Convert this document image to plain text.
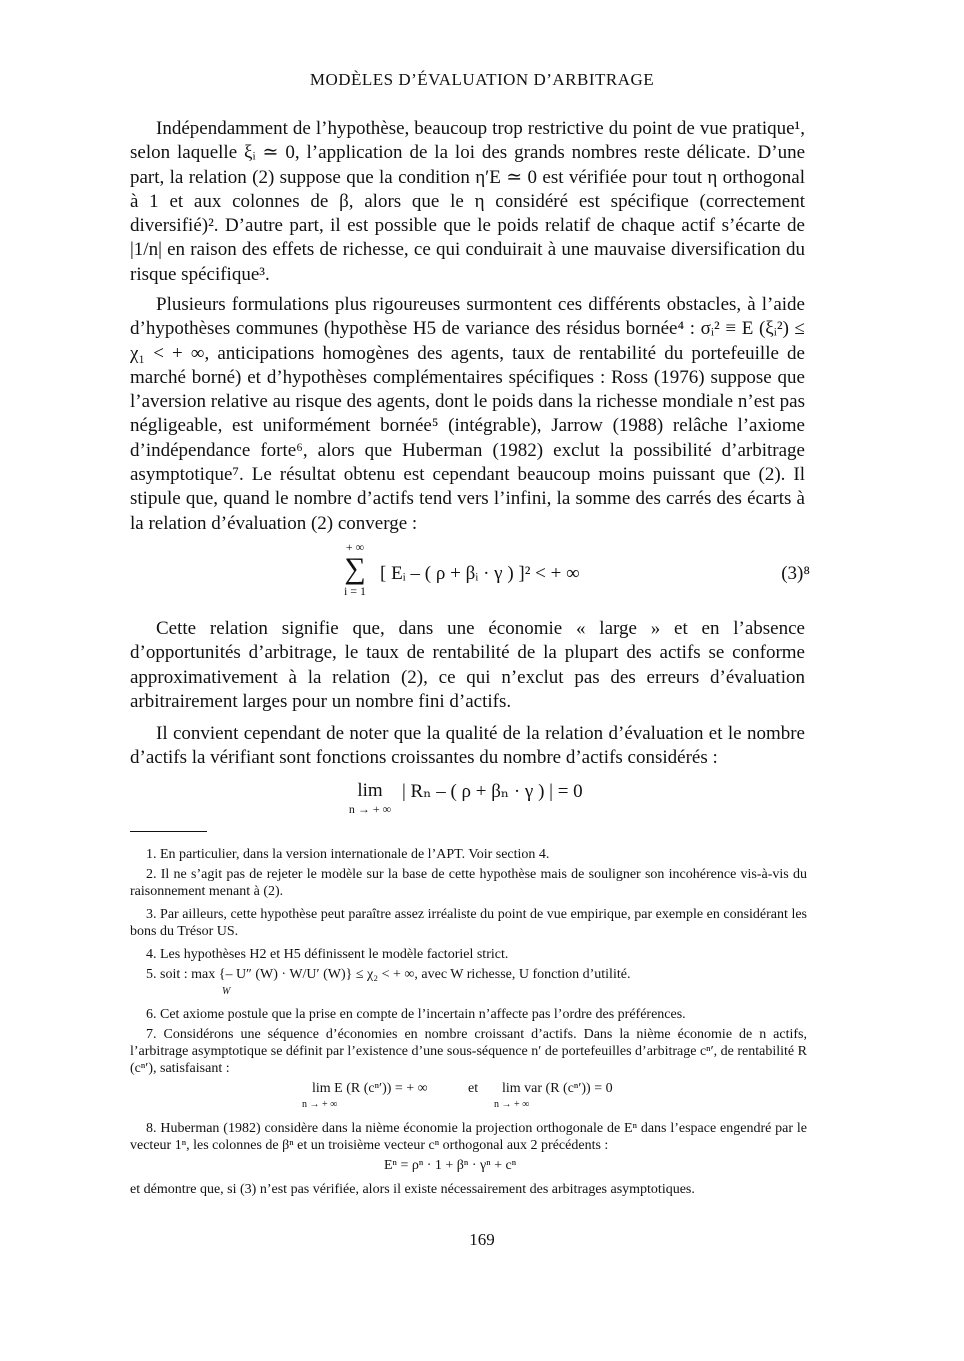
MODÈLES D’ÉVALUATION D’ARBITRAGE

Indépendamment de l’hypothèse, beaucoup trop restrictive du point de vue pratique¹, selon laquelle ξᵢ ≃ 0, l’application de la loi des grands nombres reste délicate. D’une part, la relation (2) suppose que la condition η′E ≃ 0 est vérifiée pour tout η orthogonal à 1 et aux colonnes de β, alors que le η considéré est spécifique (correctement diversifié)². D’autre part, il est possible que le poids relatif de chaque actif s’écarte de |1/n| en raison des effets de richesse, ce qui conduirait à une mauvaise diversification du risque spécifique³.

Plusieurs formulations plus rigoureuses surmontent ces différents obstacles, à l’aide d’hypothèses communes (hypothèse H5 de variance des résidus bornée⁴ : σᵢ² ≡ E (ξᵢ²) ≤ χ₁ < + ∞, anticipations homogènes des agents, taux de rentabilité du portefeuille de marché borné) et d’hypothèses complémentaires spécifiques : Ross (1976) suppose que l’aversion relative au risque des agents, dont le poids dans la richesse mondiale n’est pas négligeable, est uniformément bornée⁵ (intégrable), Jarrow (1988) relâche l’axiome d’indépendance forte⁶, alors que Huberman (1982) exclut la possibilité d’arbitrage asymptotique⁷. Le résultat obtenu est cependant beaucoup moins puissant que (2). Il stipule que, quand le nombre d’actifs tend vers l’infini, la somme des carrés des écarts à la relation d’évaluation (2) converge :

+ ∞
∑
i = 1
[ Eᵢ – ( ρ + βᵢ · γ ) ]² < + ∞	(3)⁸

Cette relation signifie que, dans une économie « large » et en l’absence d’opportunités d’arbitrage, le taux de rentabilité de la plupart des actifs se conforme approximativement à la relation (2), ce qui n’exclut pas des erreurs d’évaluation arbitrairement larges pour un nombre fini d’actifs.

Il convient cependant de noter que la qualité de la relation d’évaluation et le nombre d’actifs la vérifiant sont fonctions croissantes du nombre d’actifs considérés :

lim
n → + ∞
| Rₙ – ( ρ + βₙ · γ ) | = 0

1. En particulier, dans la version internationale de l’APT. Voir section 4.

2. Il ne s’agit pas de rejeter le modèle sur la base de cette hypothèse mais de souligner son incohérence vis-à-vis du raisonnement menant à (2).

3. Par ailleurs, cette hypothèse peut paraître assez irréaliste du point de vue empirique, par exemple en considérant les bons du Trésor US.

4. Les hypothèses H2 et H5 définissent le modèle factoriel strict.

5. soit : max {– U″ (W) · W/U′ (W)} ≤ χ₂ < + ∞, avec W richesse, U fonction d’utilité.

W

6. Cet axiome postule que la prise en compte de l’incertain n’affecte pas l’ordre des préférences.

7. Considérons une séquence d’économies en nombre croissant d’actifs. Dans la nième économie de n actifs, l’arbitrage asymptotique se définit par l’existence d’une sous-séquence n′ de portefeuilles d’arbitrage cⁿ′, de rentabilité R (cⁿ′), satisfaisant :

lim E (R (cⁿ′)) = + ∞
n → + ∞
et lim var (R (cⁿ′)) = 0
n → + ∞

8. Huberman (1982) considère dans la nième économie la projection orthogonale de Eⁿ dans l’espace engendré par le vecteur 1ⁿ, les colonnes de βⁿ et un troisième vecteur cⁿ orthogonal aux 2 précédents :

Eⁿ = ρⁿ · 1 + βⁿ · γⁿ + cⁿ

et démontre que, si (3) n’est pas vérifiée, alors il existe nécessairement des arbitrages asymptotiques.

169
